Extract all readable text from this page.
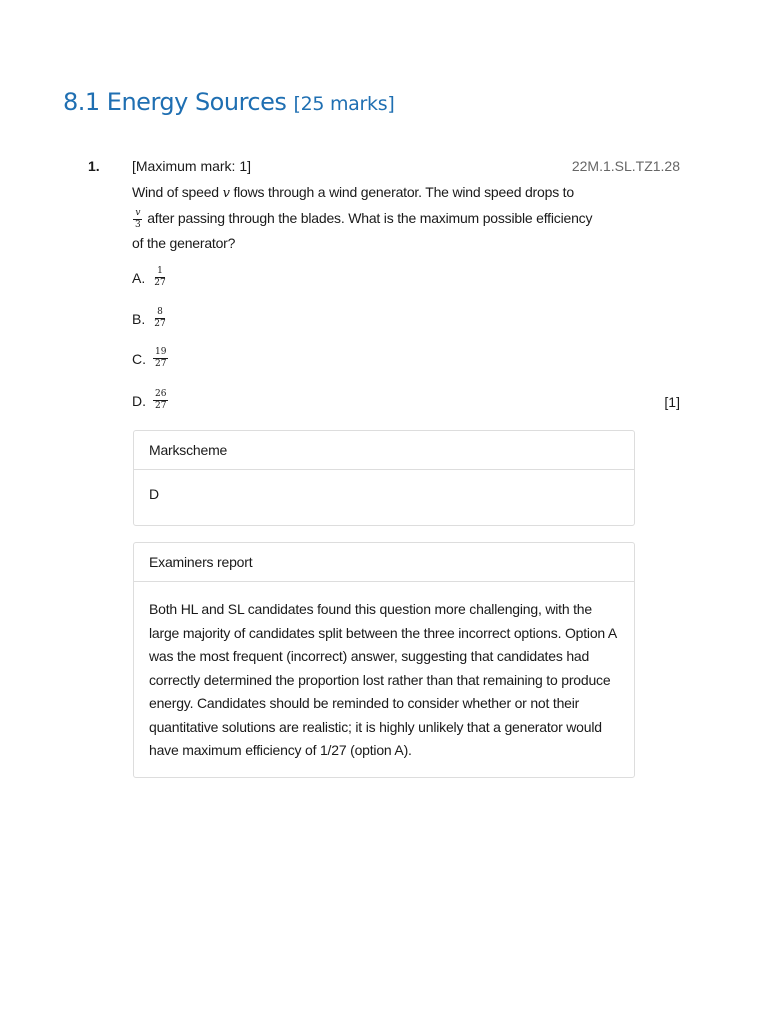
8.1 Energy Sources [25 marks]
1. [Maximum mark: 1]	22M.1.SL.TZ1.28
Wind of speed v flows through a wind generator. The wind speed drops to

$\frac{v}{3}$ after passing through the blades. What is the maximum possible efficiency of the generator?
A. $\frac{1}{27}$
B. $\frac{8}{27}$
C. $\frac{19}{27}$
D. $\frac{26}{27}$	[1]
Markscheme
D
Examiners report
Both HL and SL candidates found this question more challenging, with the large majority of candidates split between the three incorrect options. Option A was the most frequent (incorrect) answer, suggesting that candidates had correctly determined the proportion lost rather than that remaining to produce energy. Candidates should be reminded to consider whether or not their quantitative solutions are realistic; it is highly unlikely that a generator would have maximum efficiency of 1/27 (option A).
